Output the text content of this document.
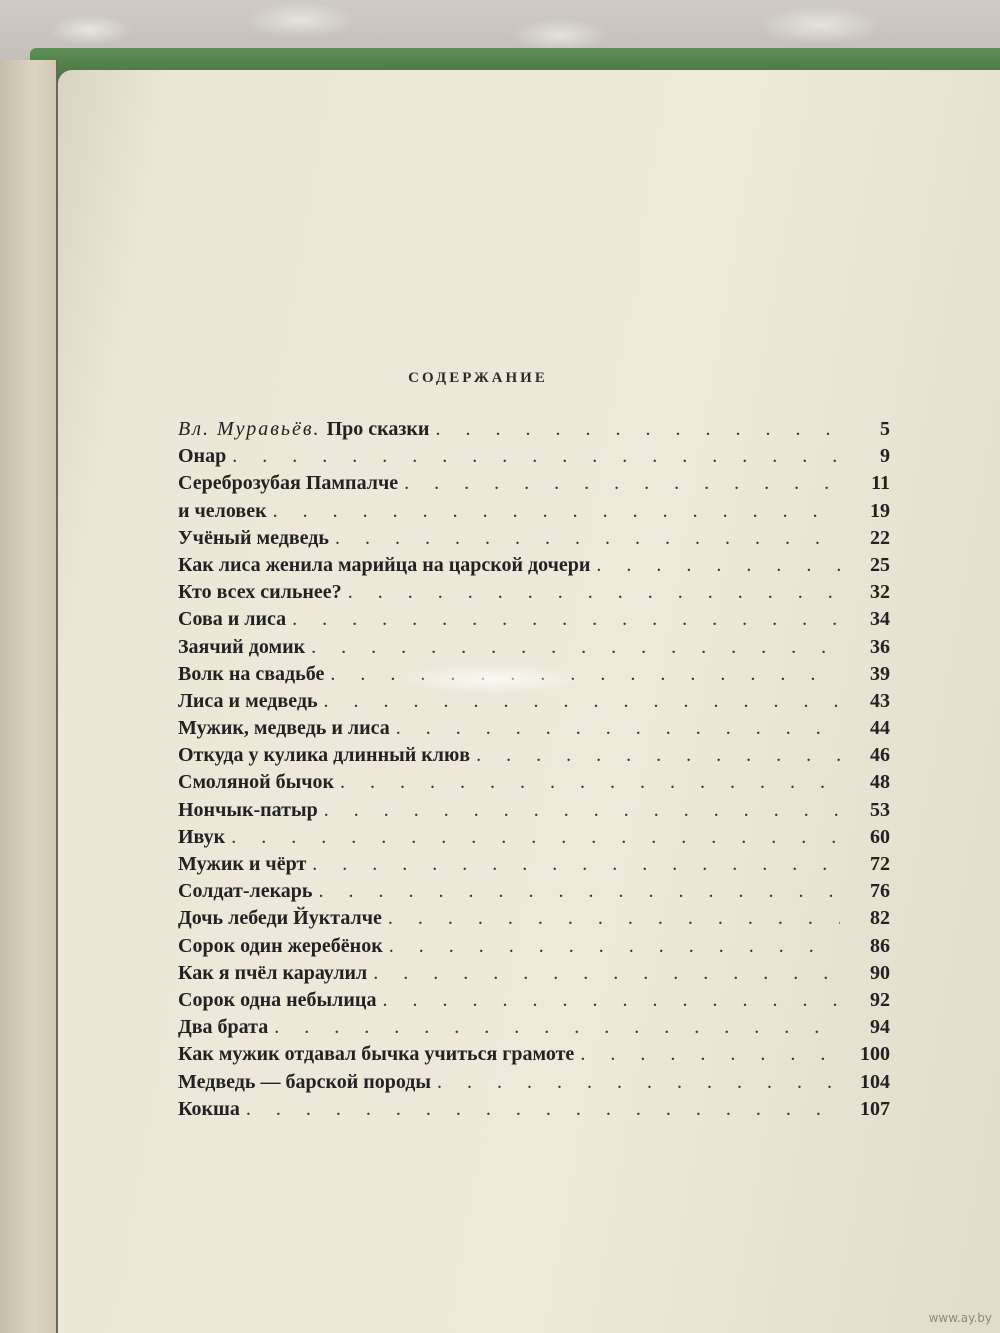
СОДЕРЖАНИЕ
Вл. Муравьёв. Про сказки . . .	5
Онар . . .	9
Сереброзубая Пампалче . . .	11
и человек . . .	19
Учёный медведь . . .	22
Как лиса женила марийца на царской дочери . . .	25
Кто всех сильнее? . . .	32
Сова и лиса . . .	34
Заячий домик . . .	36
Волк на свадьбе . . .	39
Лиса и медведь . . .	43
Мужик, медведь и лиса . . .	44
Откуда у кулика длинный клюв . . .	46
Смоляной бычок . . .	48
Нончык-патыр . . .	53
Ивук . . .	60
Мужик и чёрт . . .	72
Солдат-лекарь . . .	76
Дочь лебеди Йукталче . . .	82
Сорок один жеребёнок . . .	86
Как я пчёл караулил . . .	90
Сорок одна небылица . . .	92
Два брата . . .	94
Как мужик отдавал бычка учиться грамоте . . .	100
Медведь — барской породы . . .	104
Кокша . . .	107
www.ay.by
